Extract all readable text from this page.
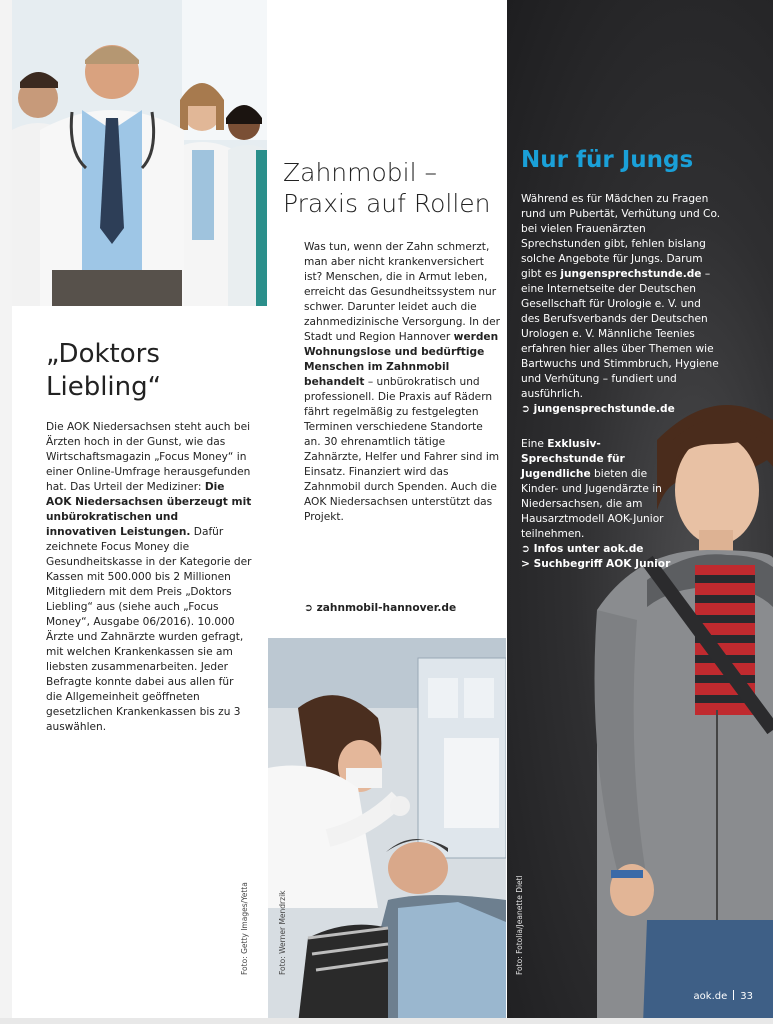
„Doktors
Liebling“

Die AOK Niedersachsen steht auch bei Ärzten hoch in der Gunst, wie das Wirtschaftsmagazin „Focus Money“ in einer Online-Umfrage herausgefunden hat. Das Urteil der Mediziner: Die AOK Niedersachsen überzeugt mit unbürokratischen und innovativen Leistungen. Dafür zeichnete Focus Money die Gesundheitskasse in der Kategorie der Kassen mit 500.000 bis 2 Millionen Mitgliedern mit dem Preis „Doktors Liebling“ aus (siehe auch „Focus Money“, Ausgabe 06/2016). 10.000 Ärzte und Zahnärzte wurden gefragt, mit welchen Krankenkassen sie am liebsten zusammenarbeiten. Jeder Befragte konnte dabei aus allen für die Allgemeinheit geöffneten gesetzlichen Krankenkassen bis zu 3 auswählen.

Foto: Getty Images/Yetta
Zahnmobil –
Praxis auf Rollen

Was tun, wenn der Zahn schmerzt, man aber nicht krankenversichert ist? Menschen, die in Armut leben, erreicht das Gesundheitssystem nur schwer. Darunter leidet auch die zahnmedizinische Versorgung. In der Stadt und Region Hannover werden Wohnungslose und bedürftige Menschen im Zahnmobil behandelt – unbürokratisch und professionell. Die Praxis auf Rädern fährt regelmäßig zu festgelegten Terminen verschiedene Standorte an. 30 ehrenamtlich tätige Zahnärzte, Helfer und Fahrer sind im Einsatz. Finanziert wird das Zahnmobil durch Spenden. Auch die AOK Niedersachsen unterstützt das Projekt.

➲ zahnmobil-hannover.de
Foto: Werner Mendrzik
Nur für Jungs

Während es für Mädchen zu Fragen rund um Pubertät, Verhütung und Co. bei vielen Frauenärzten Sprechstunden gibt, fehlen bislang solche Angebote für Jungs. Darum gibt es jungensprechstunde.de – eine Internetseite der Deutschen Gesellschaft für Urologie e. V. und des Berufsverbands der Deutschen Urologen e. V. Männliche Teenies erfahren hier alles über Themen wie Bartwuchs und Stimmbruch, Hygiene und Verhütung – fundiert und ausführlich.
➲ jungensprechstunde.de

Eine Exklusiv-Sprechstunde für Jugendliche bieten die Kinder- und Jugendärzte in Niedersachsen, die am Hausarztmodell AOK-Junior teilnehmen.
➲ Infos unter aok.de
> Suchbegriff AOK Junior

Foto: Fotolia/Jeanette Dietl
aok.de 33
